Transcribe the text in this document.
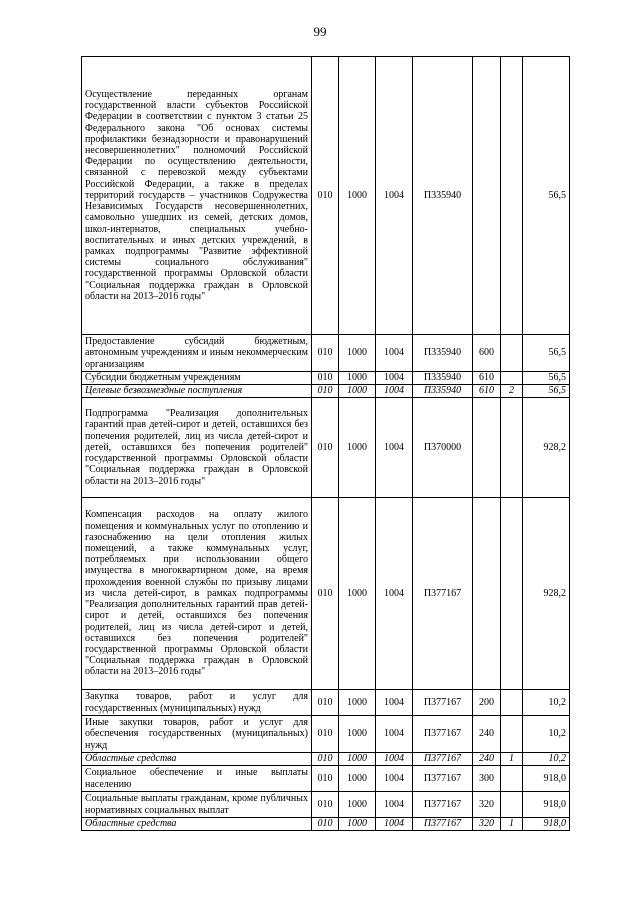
99
Осуществление переданных органам государственной власти субъектов Российской Федерации в соответствии с пунктом 3 статьи 25 Федерального закона "Об основах системы профилактики безнадзорности и правонарушений несовершеннолетних" полномочий Российской Федерации по осуществлению деятельности, связанной с перевозкой между субъектами Российской Федерации, а также в пределах территорий государств – участников Содружества Независимых Государств несовершеннолетних, самовольно ушедших из семей, детских домов, школ-интернатов, специальных учебно-воспитательных и иных детских учреждений, в рамках подпрограммы "Развитие эффективной системы социального обслуживания" государственной программы Орловской области "Социальная поддержка граждан в Орловской области на 2013–2016 годы"	010	1000	1004	П335940			56,5
Предоставление субсидий бюджетным, автономным учреждениям и иным некоммерческим организациям	010	1000	1004	П335940	600		56,5
Субсидии бюджетным учреждениям	010	1000	1004	П335940	610		56,5
Целевые безвозмездные поступления	010	1000	1004	П335940	610	2	56,5
Подпрограмма "Реализация дополнительных гарантий прав детей-сирот и детей, оставшихся без попечения родителей, лиц из числа детей-сирот и детей, оставшихся без попечения родителей" государственной программы Орловской области "Социальная поддержка граждан в Орловской области на 2013–2016 годы"	010	1000	1004	П370000			928,2
Компенсация расходов на оплату жилого помещения и коммунальных услуг по отоплению и газоснабжению на цели отопления жилых помещений, а также коммунальных услуг, потребляемых при использовании общего имущества в многоквартирном доме, на время прохождения военной службы по призыву лицами из числа детей-сирот, в рамках подпрограммы "Реализация дополнительных гарантий прав детей-сирот и детей, оставшихся без попечения родителей, лиц из числа детей-сирот и детей, оставшихся без попечения родителей" государственной программы Орловской области "Социальная поддержка граждан в Орловской области на 2013–2016 годы"	010	1000	1004	П377167			928,2
Закупка товаров, работ и услуг для государственных (муниципальных) нужд	010	1000	1004	П377167	200		10,2
Иные закупки товаров, работ и услуг для обеспечения государственных (муниципальных) нужд	010	1000	1004	П377167	240		10,2
Областные средства	010	1000	1004	П377167	240	1	10,2
Социальное обеспечение и иные выплаты населению	010	1000	1004	П377167	300		918,0
Социальные выплаты гражданам, кроме публичных нормативных социальных выплат	010	1000	1004	П377167	320		918,0
Областные средства	010	1000	1004	П377167	320	1	918,0
